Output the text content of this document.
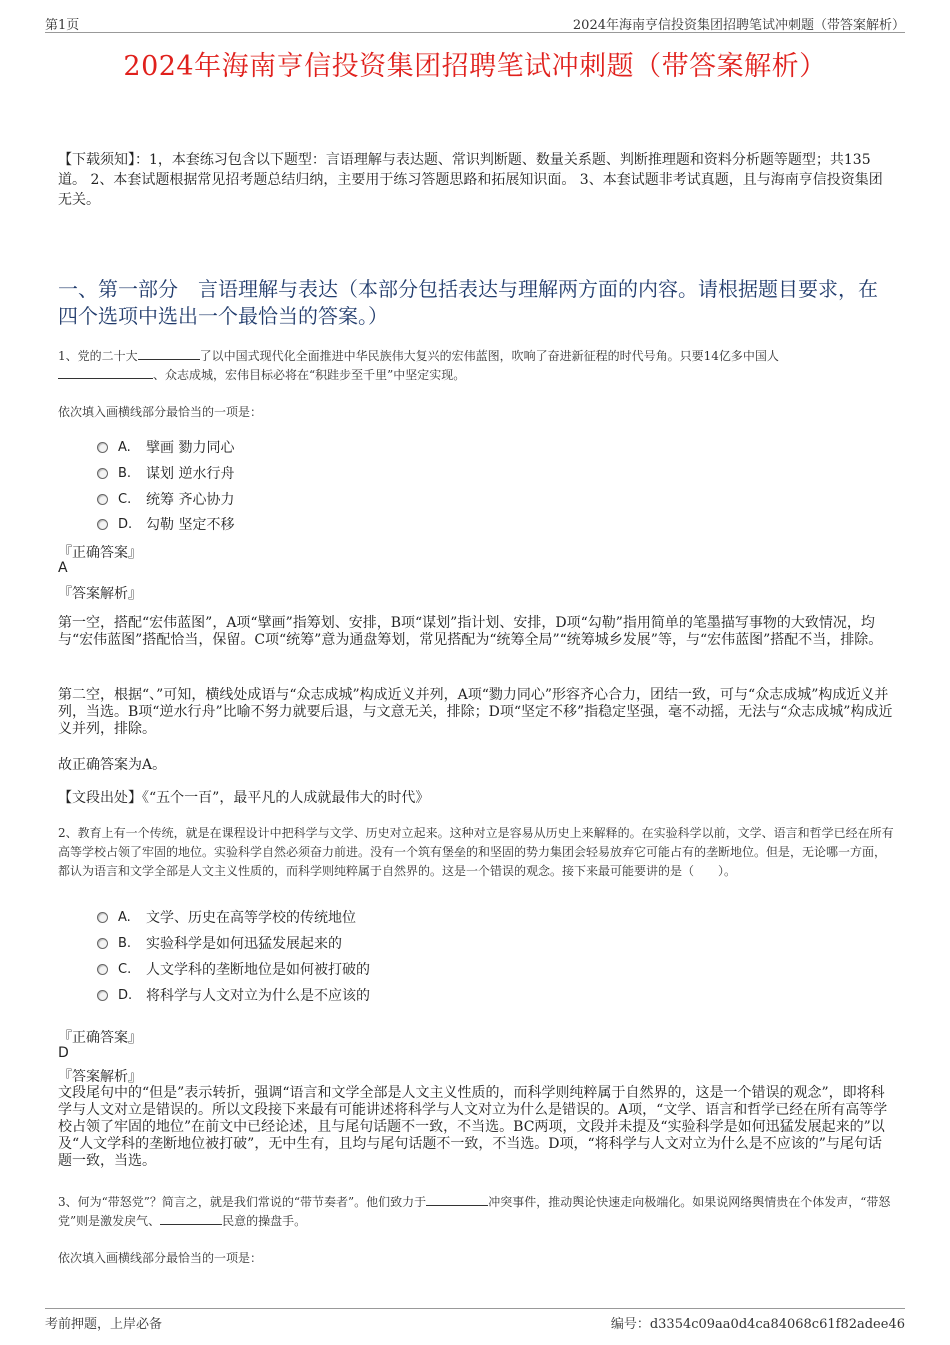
第1页	2024年海南亨信投资集团招聘笔试冲刺题（带答案解析）
2024年海南亨信投资集团招聘笔试冲刺题（带答案解析）
【下载须知】：1，本套练习包含以下题型：言语理解与表达题、常识判断题、数量关系题、判断推理题和资料分析题等题型；共135道。 2、本套试题根据常见招考题总结归纳，主要用于练习答题思路和拓展知识面。 3、本套试题非考试真题，且与海南亨信投资集团无关。
一、第一部分　言语理解与表达（本部分包括表达与理解两方面的内容。请根据题目要求，在四个选项中选出一个最恰当的答案。）
1、党的二十大	了以中国式现代化全面推进中华民族伟大复兴的宏伟蓝图，吹响了奋进新征程的时代号角。只要14亿多中国人
、众志成城，宏伟目标必将在“积跬步至千里”中坚定实现。
依次填入画横线部分最恰当的一项是：
A.	擘画 勠力同心
B.	谋划 逆水行舟
C.	统筹 齐心协力
D. 勾勒 坚定不移
『正确答案』
A
『答案解析』
第一空，搭配“宏伟蓝图”，A项“擘画”指筹划、安排，B项“谋划”指计划、安排，D项“勾勒”指用简单的笔墨描写事物的大致情况，均与“宏伟蓝图”搭配恰当，保留。C项“统筹”意为通盘筹划，常见搭配为“统筹全局”“统筹城乡发展”等，与“宏伟蓝图”搭配不当，排除。
第二空，根据“、”可知，横线处成语与“众志成城”构成近义并列，A项“勠力同心”形容齐心合力，团结一致，可与“众志成城”构成近义并列，当选。B项“逆水行舟”比喻不努力就要后退，与文意无关，排除；D项“坚定不移”指稳定坚强，毫不动摇，无法与“众志成城”构成近义并列，排除。
故正确答案为A。
【文段出处】《“五个一百”，最平凡的人成就最伟大的时代》
2、教育上有一个传统，就是在课程设计中把科学与文学、历史对立起来。这种对立是容易从历史上来解释的。在实验科学以前，文学、语言和哲学已经在所有高等学校占领了牢固的地位。实验科学自然必须奋力前进。没有一个筑有堡垒的和坚固的势力集团会轻易放弃它可能占有的垄断地位。但是，无论哪一方面，都认为语言和文学全部是人文主义性质的，而科学则纯粹属于自然界的。这是一个错误的观念。接下来最可能要讲的是（　　）。
A.	文学、历史在高等学校的传统地位
B.	实验科学是如何迅猛发展起来的
C.	人文学科的垄断地位是如何被打破的
D. 将科学与人文对立为什么是不应该的
『正确答案』
D
『答案解析』
文段尾句中的“但是”表示转折，强调“语言和文学全部是人文主义性质的，而科学则纯粹属于自然界的，这是一个错误的观念”，即将科学与人文对立是错误的。所以文段接下来最有可能讲述将科学与人文对立为什么是错误的。A项，“文学、语言和哲学已经在所有高等学校占领了牢固的地位”在前文中已经论述，且与尾句话题不一致，不当选。BC两项，文段并未提及“实验科学是如何迅猛发展起来的”以及“人文学科的垄断地位被打破”，无中生有，且均与尾句话题不一致，不当选。D项，“将科学与人文对立为什么是不应该的”与尾句话题一致，当选。
3、何为“带怒党”？简言之，就是我们常说的“带节奏者”。他们致力于	冲突事件，推动舆论快速走向极端化。如果说网络舆情贵在个体发声，“带怒党”则是激发戾气、	民意的操盘手。
依次填入画横线部分最恰当的一项是：
考前押题，上岸必备	编号：d3354c09aa0d4ca84068c61f82adee46
